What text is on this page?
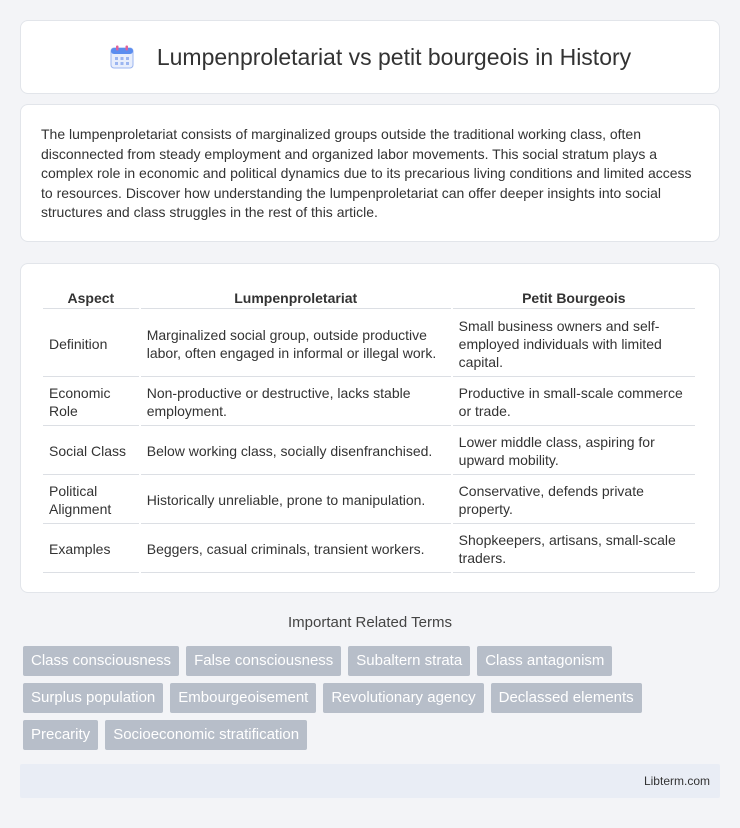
Lumpenproletariat vs petit bourgeois in History

The lumpenproletariat consists of marginalized groups outside the traditional working class, often disconnected from steady employment and organized labor movements. This social stratum plays a complex role in economic and political dynamics due to its precarious living conditions and limited access to resources. Discover how understanding the lumpenproletariat can offer deeper insights into social structures and class struggles in the rest of this article.

Aspect	Lumpenproletariat	Petit Bourgeois
Definition	Marginalized social group, outside productive labor, often engaged in informal or illegal work.	Small business owners and self-employed individuals with limited capital.
Economic Role	Non-productive or destructive, lacks stable employment.	Productive in small-scale commerce or trade.
Social Class	Below working class, socially disenfranchised.	Lower middle class, aspiring for upward mobility.
Political Alignment	Historically unreliable, prone to manipulation.	Conservative, defends private property.
Examples	Beggers, casual criminals, transient workers.	Shopkeepers, artisans, small-scale traders.
Important Related Terms
Class consciousness	False consciousness	Subaltern strata	Class antagonism
Surplus population	Embourgeoisement	Revolutionary agency	Declassed elements
Precarity	Socioeconomic stratification
Libterm.com
